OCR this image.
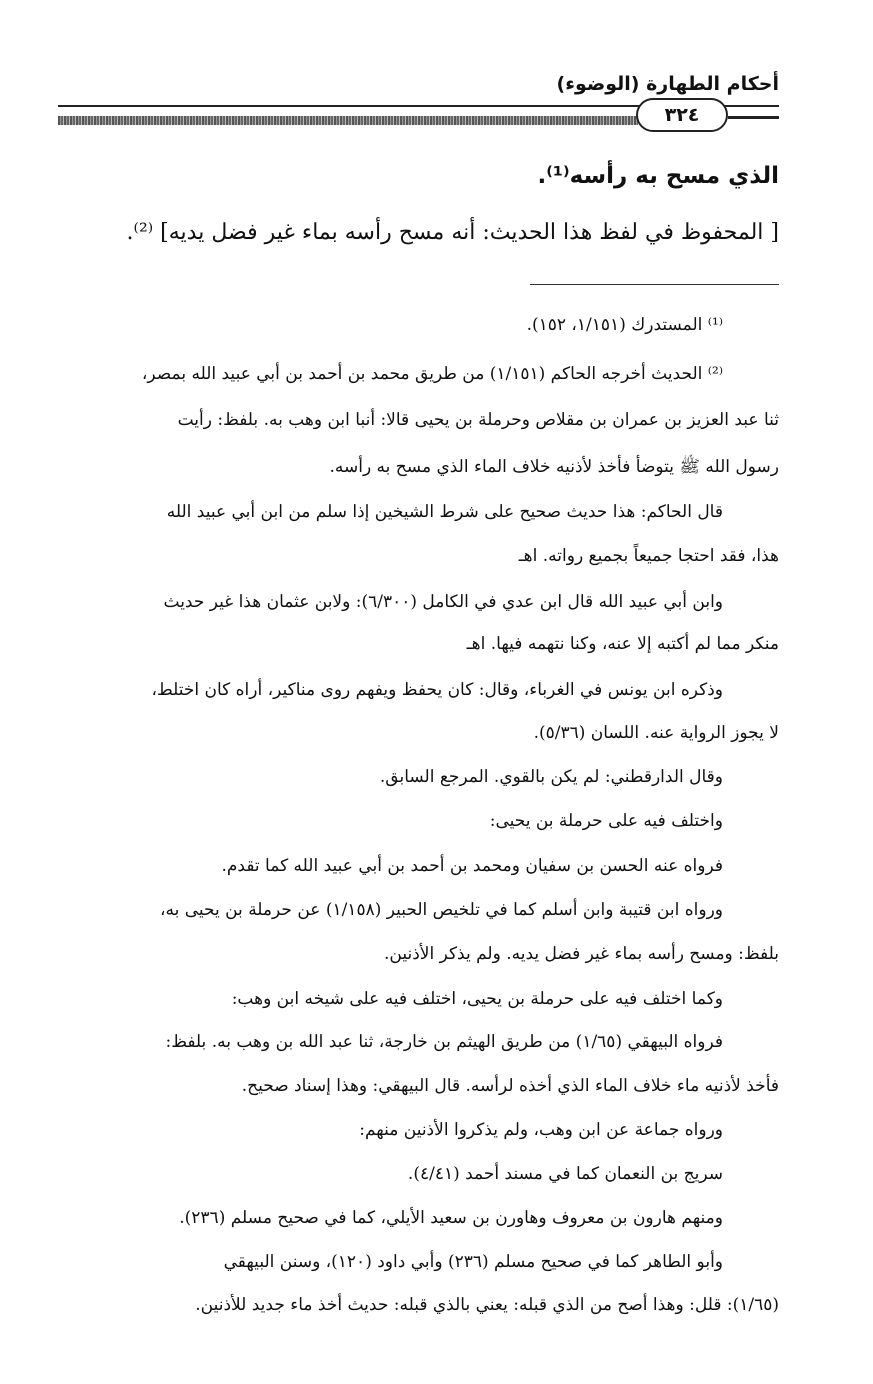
أحكام الطهارة (الوضوء)
٣٢٤
الذي مسح به رأسه⁽¹⁾.
[ المحفوظ في لفظ هذا الحديث: أنه مسح رأسه بماء غير فضل يديه] ⁽²⁾.
⁽¹⁾ المستدرك (١/١٥١، ١٥٢).
⁽²⁾ الحديث أخرجه الحاكم (١/١٥١) من طريق محمد بن أحمد بن أبي عبيد الله بمصر،
ثنا عبد العزيز بن عمران بن مقلاص وحرملة بن يحيى قالا: أنبا ابن وهب به. بلفظ: رأيت
رسول الله ﷺ يتوضأ فأخذ لأذنيه خلاف الماء الذي مسح به رأسه.
قال الحاكم: هذا حديث صحيح على شرط الشيخين إذا سلم من ابن أبي عبيد الله
هذا، فقد احتجا جميعاً بجميع رواته. اهـ
وابن أبي عبيد الله قال ابن عدي في الكامل (٦/٣٠٠): ولابن عثمان هذا غير حديث
منكر مما لم أكتبه إلا عنه، وكنا نتهمه فيها. اهـ
وذكره ابن يونس في الغرباء، وقال: كان يحفظ ويفهم روى مناكير، أراه كان اختلط،
لا يجوز الرواية عنه. اللسان (٥/٣٦).
وقال الدارقطني: لم يكن بالقوي. المرجع السابق.
واختلف فيه على حرملة بن يحيى:
فرواه عنه الحسن بن سفيان ومحمد بن أحمد بن أبي عبيد الله كما تقدم.
ورواه ابن قتيبة وابن أسلم كما في تلخيص الحبير (١/١٥٨) عن حرملة بن يحيى به،
بلفظ: ومسح رأسه بماء غير فضل يديه. ولم يذكر الأذنين.
وكما اختلف فيه على حرملة بن يحيى، اختلف فيه على شيخه ابن وهب:
فرواه البيهقي (١/٦٥) من طريق الهيثم بن خارجة، ثنا عبد الله بن وهب به. بلفظ:
فأخذ لأذنيه ماء خلاف الماء الذي أخذه لرأسه. قال البيهقي: وهذا إسناد صحيح.
ورواه جماعة عن ابن وهب، ولم يذكروا الأذنين منهم:
سريج بن النعمان كما في مسند أحمد (٤/٤١).
ومنهم هارون بن معروف وهاورن بن سعيد الأيلي، كما في صحيح مسلم (٢٣٦).
وأبو الطاهر كما في صحيح مسلم (٢٣٦) وأبي داود (١٢٠)، وسنن البيهقي
(١/٦٥): قلل: وهذا أصح من الذي قبله: يعني بالذي قبله: حديث أخذ ماء جديد للأذنين.
